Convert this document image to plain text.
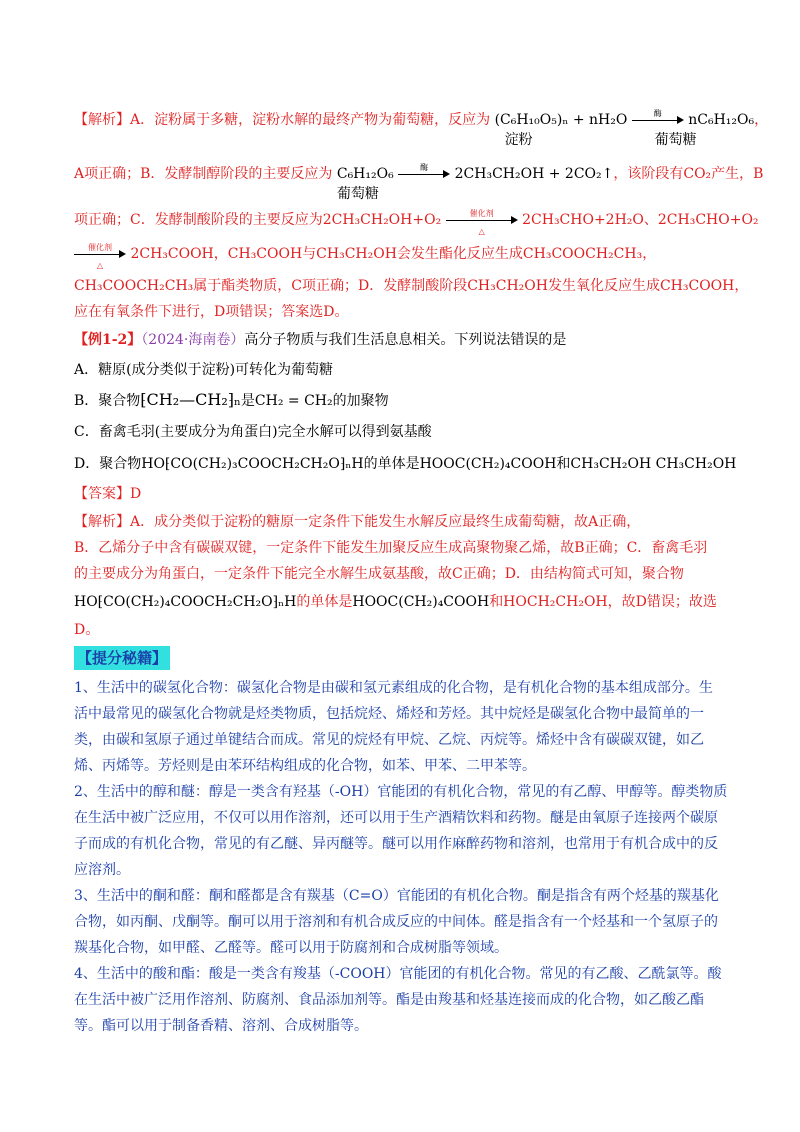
【解析】A．淀粉属于多糖，淀粉水解的最终产物为葡萄糖，反应为 (C₆H₁₀O₅)ₙ + nH₂O	酶	nC₆H₁₂O₆
淀粉	葡萄糖
，
A项正确；B．发酵制醇阶段的主要反应为 C₆H₁₂O₆	酶	2CH₃CH₂OH + 2CO₂↑
葡萄糖
，该阶段有CO₂产生，B
项正确；C．发酵制酸阶段的主要反应为2CH₃CH₂OH+O₂	催化剂
△
2CH₃CHO+2H₂O、2CH₃CHO+O₂
催化剂
△
2CH₃COOH，CH₃COOH与CH₃CH₂OH会发生酯化反应生成CH₃COOCH₂CH₃，
CH₃COOCH₂CH₃属于酯类物质，C项正确；D．发酵制酸阶段CH₃CH₂OH发生氧化反应生成CH₃COOH，
应在有氧条件下进行，D项错误；答案选D。
【例1-2】（2024·海南卷）高分子物质与我们生活息息相关。下列说法错误的是
A．糖原(成分类似于淀粉)可转化为葡萄糖
B．聚合物⁅CH₂—CH₂⁆ₙ是CH₂ = CH₂的加聚物
C．畜禽毛羽(主要成分为角蛋白)完全水解可以得到氨基酸
D．聚合物HO⁅CO(CH₂)₃COOCH₂CH₂O⁆ₙH的单体是HOOC(CH₂)₄COOH和CH₃CH₂OH CH₃CH₂OH
【答案】D
【解析】A．成分类似于淀粉的糖原一定条件下能发生水解反应最终生成葡萄糖，故A正确，
B．乙烯分子中含有碳碳双键，一定条件下能发生加聚反应生成高聚物聚乙烯，故B正确；C．畜禽毛羽
的主要成分为角蛋白，一定条件下能完全水解生成氨基酸，故C正确；D．由结构简式可知，聚合物
HO⁅CO(CH₂)₄COOCH₂CH₂O⁆ₙH的单体是HOOC(CH₂)₄COOH和HOCH₂CH₂OH，故D错误；故选
D。
【提分秘籍】
1、生活中的碳氢化合物：碳氢化合物是由碳和氢元素组成的化合物，是有机化合物的基本组成部分。生
活中最常见的碳氢化合物就是烃类物质，包括烷烃、烯烃和芳烃。其中烷烃是碳氢化合物中最简单的一
类，由碳和氢原子通过单键结合而成。常见的烷烃有甲烷、乙烷、丙烷等。烯烃中含有碳碳双键，如乙
烯、丙烯等。芳烃则是由苯环结构组成的化合物，如苯、甲苯、二甲苯等。
2、生活中的醇和醚：醇是一类含有羟基（-OH）官能团的有机化合物，常见的有乙醇、甲醇等。醇类物质
在生活中被广泛应用，不仅可以用作溶剂，还可以用于生产酒精饮料和药物。醚是由氧原子连接两个碳原
子而成的有机化合物，常见的有乙醚、异丙醚等。醚可以用作麻醉药物和溶剂，也常用于有机合成中的反
应溶剂。
3、生活中的酮和醛：酮和醛都是含有羰基（C=O）官能团的有机化合物。酮是指含有两个烃基的羰基化
合物，如丙酮、戊酮等。酮可以用于溶剂和有机合成反应的中间体。醛是指含有一个烃基和一个氢原子的
羰基化合物，如甲醛、乙醛等。醛可以用于防腐剂和合成树脂等领域。
4、生活中的酸和酯：酸是一类含有羧基（-COOH）官能团的有机化合物。常见的有乙酸、乙酰氯等。酸
在生活中被广泛用作溶剂、防腐剂、食品添加剂等。酯是由羧基和烃基连接而成的化合物，如乙酸乙酯
等。酯可以用于制备香精、溶剂、合成树脂等。
